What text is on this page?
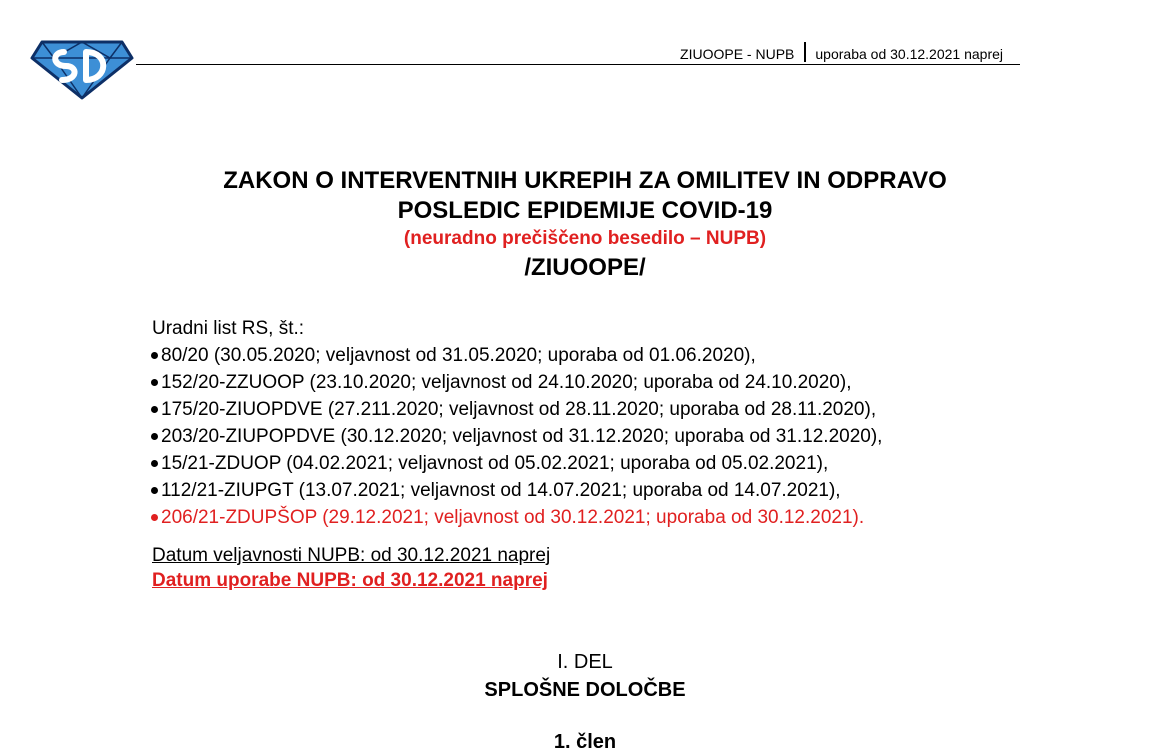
ZIUOOPE - NUPB uporaba od 30.12.2021 naprej
ZAKON O INTERVENTNIH UKREPIH ZA OMILITEV IN ODPRAVO
POSLEDIC EPIDEMIJE COVID-19
(neuradno prečiščeno besedilo – NUPB)
/ZIUOOPE/
Uradni list RS, št.:
80/20 (30.05.2020; veljavnost od 31.05.2020; uporaba od 01.06.2020),
152/20-ZZUOOP (23.10.2020; veljavnost od 24.10.2020; uporaba od 24.10.2020),
175/20-ZIUOPDVE (27.211.2020; veljavnost od 28.11.2020; uporaba od 28.11.2020),
203/20-ZIUPOPDVE (30.12.2020; veljavnost od 31.12.2020; uporaba od 31.12.2020),
15/21-ZDUOP (04.02.2021; veljavnost od 05.02.2021; uporaba od 05.02.2021),
112/21-ZIUPGT (13.07.2021; veljavnost od 14.07.2021; uporaba od 14.07.2021),
206/21-ZDUPŠOP (29.12.2021; veljavnost od 30.12.2021; uporaba od 30.12.2021).
Datum veljavnosti NUPB: od 30.12.2021 naprej
Datum uporabe NUPB: od 30.12.2021 naprej
I. DEL
SPLOŠNE DOLOČBE
1. člen
